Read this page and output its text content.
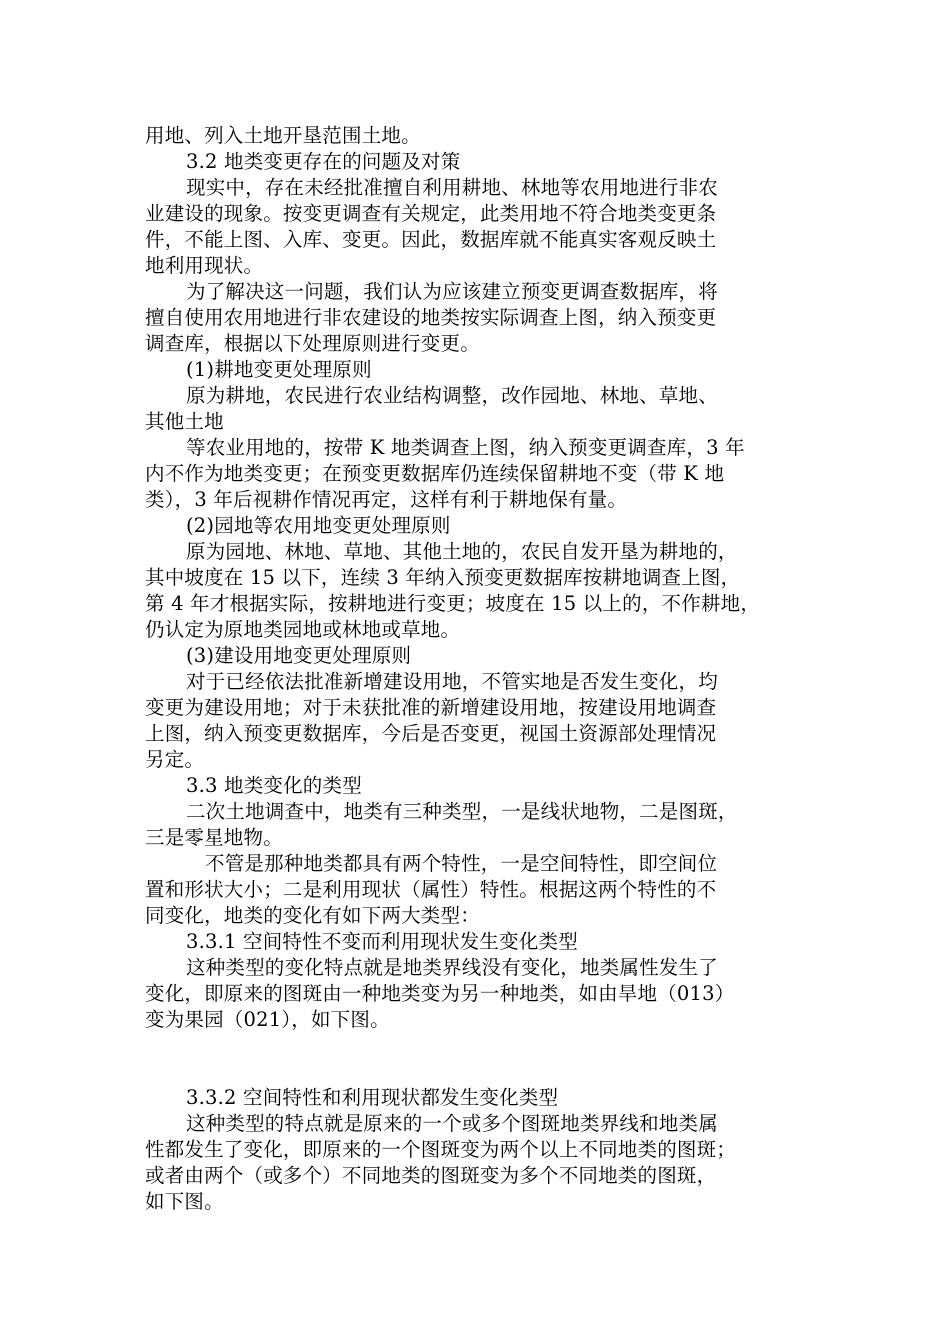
用地、列入土地开垦范围土地。
3.2 地类变更存在的问题及对策
现实中，存在未经批准擅自利用耕地、林地等农用地进行非农
业建设的现象。按变更调查有关规定，此类用地不符合地类变更条
件，不能上图、入库、变更。因此，数据库就不能真实客观反映土
地利用现状。
为了解决这一问题，我们认为应该建立预变更调查数据库，将
擅自使用农用地进行非农建设的地类按实际调查上图，纳入预变更
调查库，根据以下处理原则进行变更。
(1)耕地变更处理原则
原为耕地，农民进行农业结构调整，改作园地、林地、草地、
其他土地
等农业用地的，按带 K 地类调查上图，纳入预变更调查库，3 年
内不作为地类变更；在预变更数据库仍连续保留耕地不变（带 K 地
类），3 年后视耕作情况再定，这样有利于耕地保有量。
(2)园地等农用地变更处理原则
原为园地、林地、草地、其他土地的，农民自发开垦为耕地的，
其中坡度在 15 以下，连续 3 年纳入预变更数据库按耕地调查上图，
第 4 年才根据实际，按耕地进行变更；坡度在 15 以上的，不作耕地，
仍认定为原地类园地或林地或草地。
(3)建设用地变更处理原则
对于已经依法批准新增建设用地，不管实地是否发生变化，均
变更为建设用地；对于未获批准的新增建设用地，按建设用地调查
上图，纳入预变更数据库，今后是否变更，视国土资源部处理情况
另定。
3.3 地类变化的类型
二次土地调查中，地类有三种类型，一是线状地物，二是图斑，
三是零星地物。
不管是那种地类都具有两个特性，一是空间特性，即空间位
置和形状大小；二是利用现状（属性）特性。根据这两个特性的不
同变化，地类的变化有如下两大类型：
3.3.1 空间特性不变而利用现状发生变化类型
这种类型的变化特点就是地类界线没有变化，地类属性发生了
变化，即原来的图斑由一种地类变为另一种地类，如由旱地（013）
变为果园（021），如下图。
3.3.2 空间特性和利用现状都发生变化类型
这种类型的特点就是原来的一个或多个图斑地类界线和地类属
性都发生了变化，即原来的一个图斑变为两个以上不同地类的图斑；
或者由两个（或多个）不同地类的图斑变为多个不同地类的图斑，
如下图。
